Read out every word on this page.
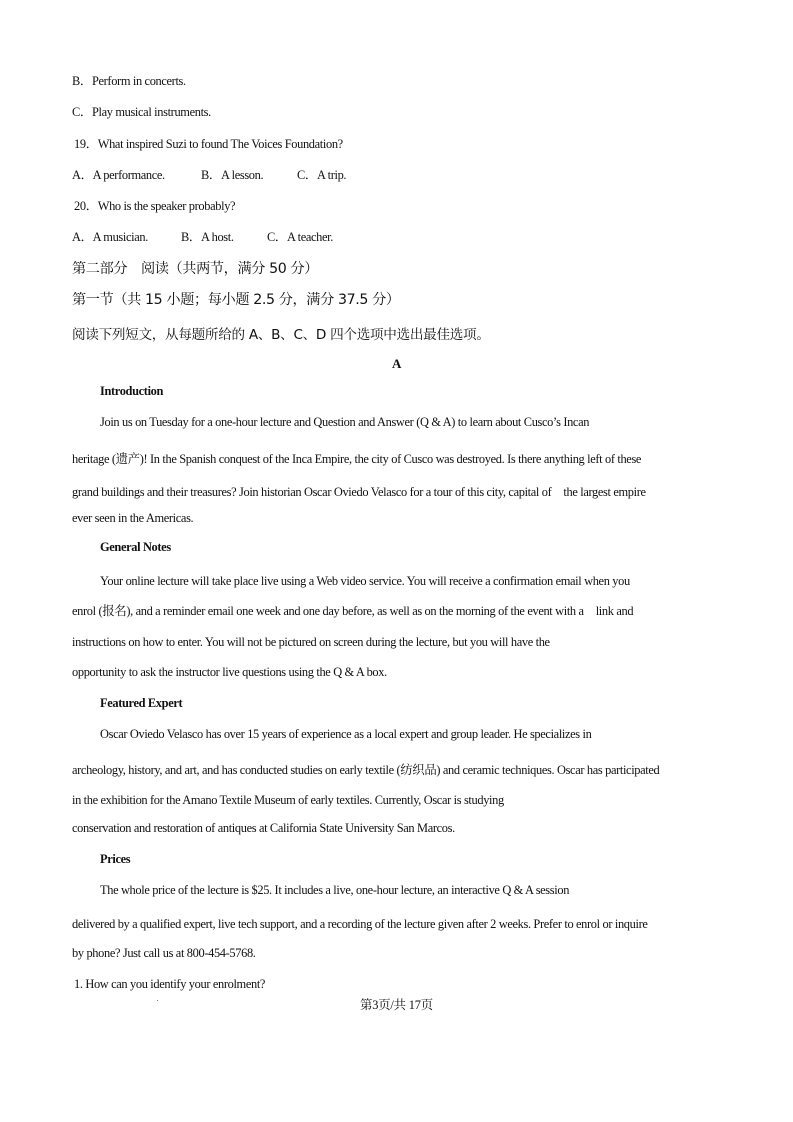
B．Perform in concerts.
C．Play musical instruments.
19．What inspired Suzi to found The Voices Foundation?
A．A performance.	B．A lesson.	C．A trip.
20．Who is the speaker probably?
A．A musician.	B．A host.	C．A teacher.
第二部分　阅读（共两节，满分 50 分）
第一节（共 15 小题；每小题 2.5 分，满分 37.5 分）
阅读下列短文，从每题所给的 A、B、C、D 四个选项中选出最佳选项。
A
Introduction
Join us on Tuesday for a one-hour lecture and Question and Answer (Q & A) to learn about Cusco’s Incan
heritage (遗产)! In the Spanish conquest of the Inca Empire, the city of Cusco was destroyed. Is there anything left of these
grand buildings and their treasures? Join historian Oscar Oviedo Velasco for a tour of this city, capital of　the largest empire
ever seen in the Americas.
General Notes
Your online lecture will take place live using a Web video service. You will receive a confirmation email when you
enrol (报名), and a reminder email one week and one day before, as well as on the morning of the event with a　link and
instructions on how to enter. You will not be pictured on screen during the lecture, but you will have the
opportunity to ask the instructor live questions using the Q & A box.
Featured Expert
Oscar Oviedo Velasco has over 15 years of experience as a local expert and group leader. He specializes in
archeology, history, and art, and has conducted studies on early textile (纺织品) and ceramic techniques. Oscar has participated
in the exhibition for the Amano Textile Museum of early textiles. Currently, Oscar is studying
conservation and restoration of antiques at California State University San Marcos.
Prices
The whole price of the lecture is $25. It includes a live, one-hour lecture, an interactive Q & A session
delivered by a qualified expert, live tech support, and a recording of the lecture given after 2 weeks. Prefer to enrol or inquire
by phone? Just call us at 800-454-5768.
1. How can you identify your enrolment?
第3页/共 17页
